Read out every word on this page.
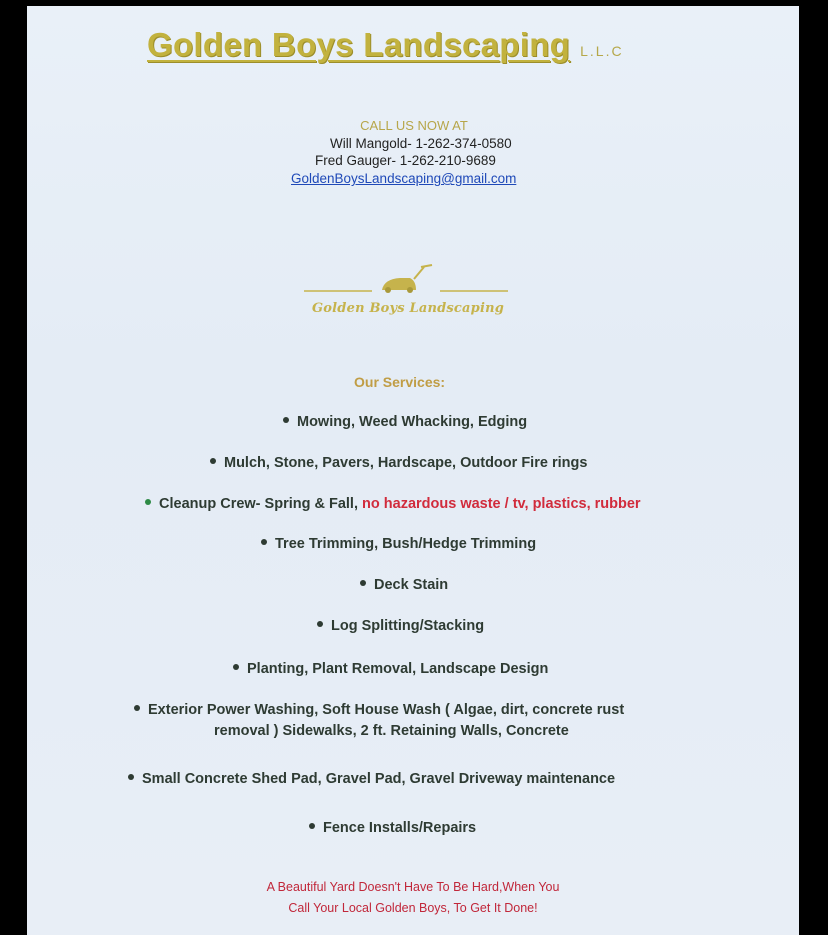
Golden Boys Landscaping L.L.C
CALL US NOW AT
Will Mangold- 1-262-374-0580
Fred Gauger- 1-262-210-9689
GoldenBoysLandscaping@gmail.com
Golden Boys Landscaping
Our Services:
Mowing, Weed Whacking, Edging
Mulch, Stone, Pavers, Hardscape, Outdoor Fire rings
Cleanup Crew- Spring & Fall, no hazardous waste / tv, plastics, rubber
Tree Trimming, Bush/Hedge Trimming
Deck Stain
Log Splitting/Stacking
Planting, Plant Removal, Landscape Design
Exterior Power Washing, Soft House Wash ( Algae, dirt, concrete rust
removal ) Sidewalks, 2 ft. Retaining Walls, Concrete
Small Concrete Shed Pad, Gravel Pad, Gravel Driveway maintenance
Fence Installs/Repairs
A Beautiful Yard Doesn't Have To Be Hard,When You
Call Your Local Golden Boys, To Get It Done!
